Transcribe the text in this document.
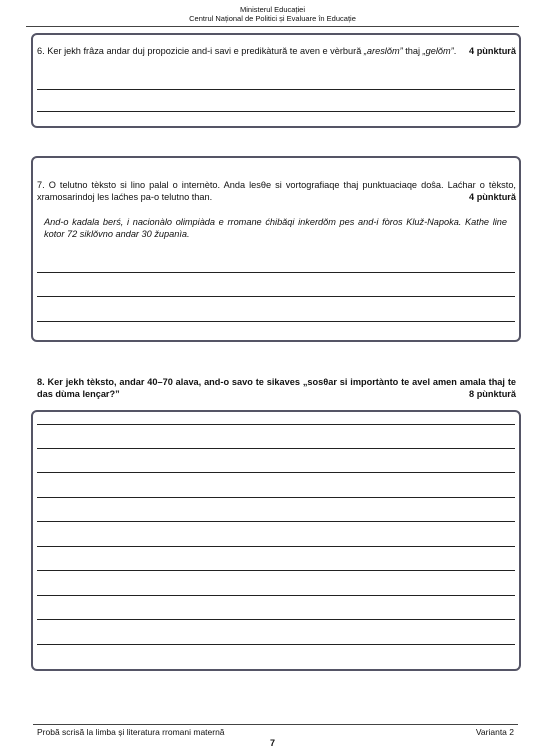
Ministerul Educației
Centrul Național de Politici și Evaluare în Educație
6. Ker jekh frâza andar duj propozicie and-i savi e predikàtură te aven e vèrbură „areslŏm” thaj „gelŏm”. 4 pùnktură
7. O telutno tèksto si lino palal o internèto. Anda lesθe si vortografiaqe thaj punktuaciaqe doŝa. Laćhar o tèksto, xramosarindoj les laćhes pa-o telutno than.	4 pùnktură
And-o kadala berś, i nacionàlo olimpiàda e rromane ćhibăqi inkerdŏm pes and-i fòros Kluž-Napoka. Kathe line kotor 72 siklŏvno andar 30 županìa.
8. Ker jekh tèksto, andar 40–70 alava, and-o savo te sikaves „sosθar si importànto te avel amen amala thaj te das dùma lençar?”	8 pùnktură
Probă scrisă la limba și literatura rromani maternă	Varianta 2
7
